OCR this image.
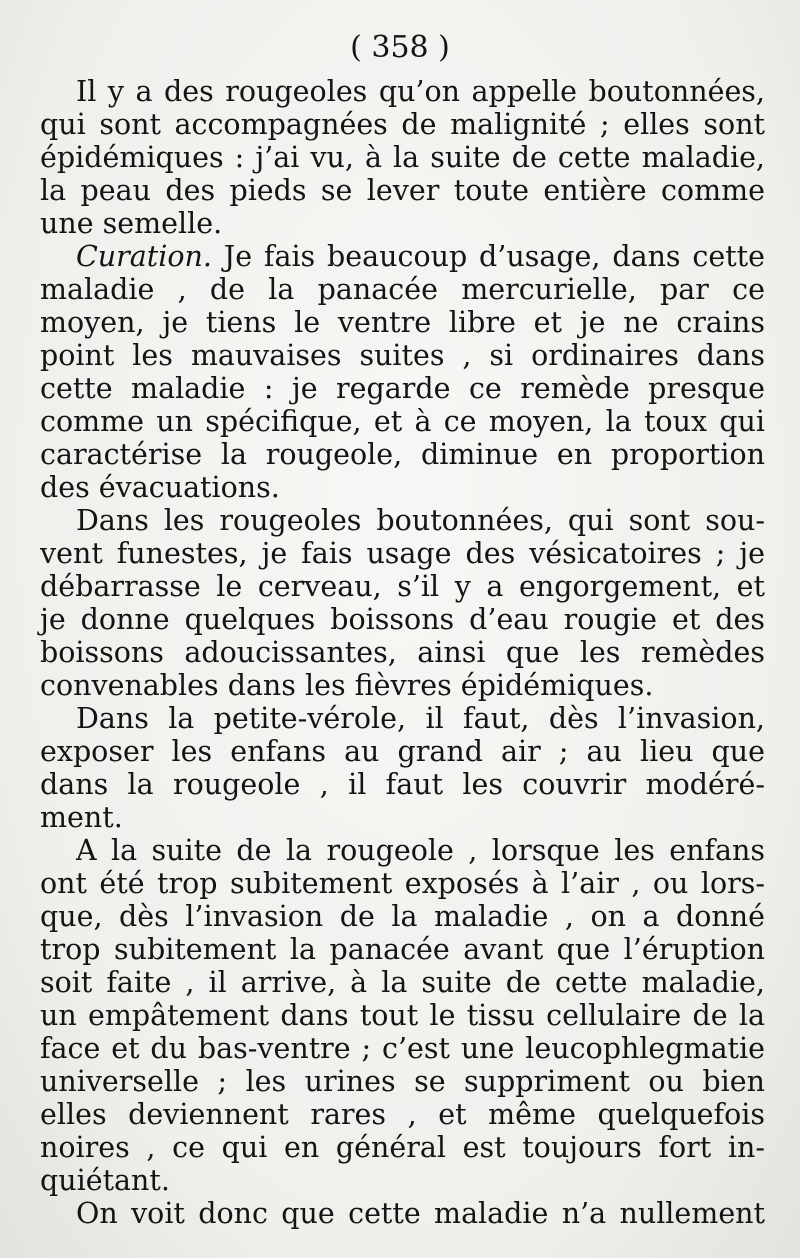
( 358 )
Il y a des rougeoles qu’on appelle boutonnées,
qui sont accompagnées de malignité ; elles sont
épidémiques : j’ai vu, à la suite de cette maladie,
la peau des pieds se lever toute entière comme
une semelle.
Curation. Je fais beaucoup d’usage, dans cette
maladie , de la panacée mercurielle, par ce
moyen, je tiens le ventre libre et je ne crains
point les mauvaises suites , si ordinaires dans
cette maladie : je regarde ce remède presque
comme un spécifique, et à ce moyen, la toux qui
caractérise la rougeole, diminue en proportion
des évacuations.
Dans les rougeoles boutonnées, qui sont sou-
vent funestes, je fais usage des vésicatoires ; je
débarrasse le cerveau, s’il y a engorgement, et
je donne quelques boissons d’eau rougie et des
boissons adoucissantes, ainsi que les remèdes
convenables dans les fièvres épidémiques.
Dans la petite-vérole, il faut, dès l’invasion,
exposer les enfans au grand air ; au lieu que
dans la rougeole , il faut les couvrir modéré-
ment.
A la suite de la rougeole , lorsque les enfans
ont été trop subitement exposés à l’air , ou lors-
que, dès l’invasion de la maladie , on a donné
trop subitement la panacée avant que l’éruption
soit faite , il arrive, à la suite de cette maladie,
un empâtement dans tout le tissu cellulaire de la
face et du bas-ventre ; c’est une leucophlegmatie
universelle ; les urines se suppriment ou bien
elles deviennent rares , et même quelquefois
noires , ce qui en général est toujours fort in-
quiétant.
On voit donc que cette maladie n’a nullement
